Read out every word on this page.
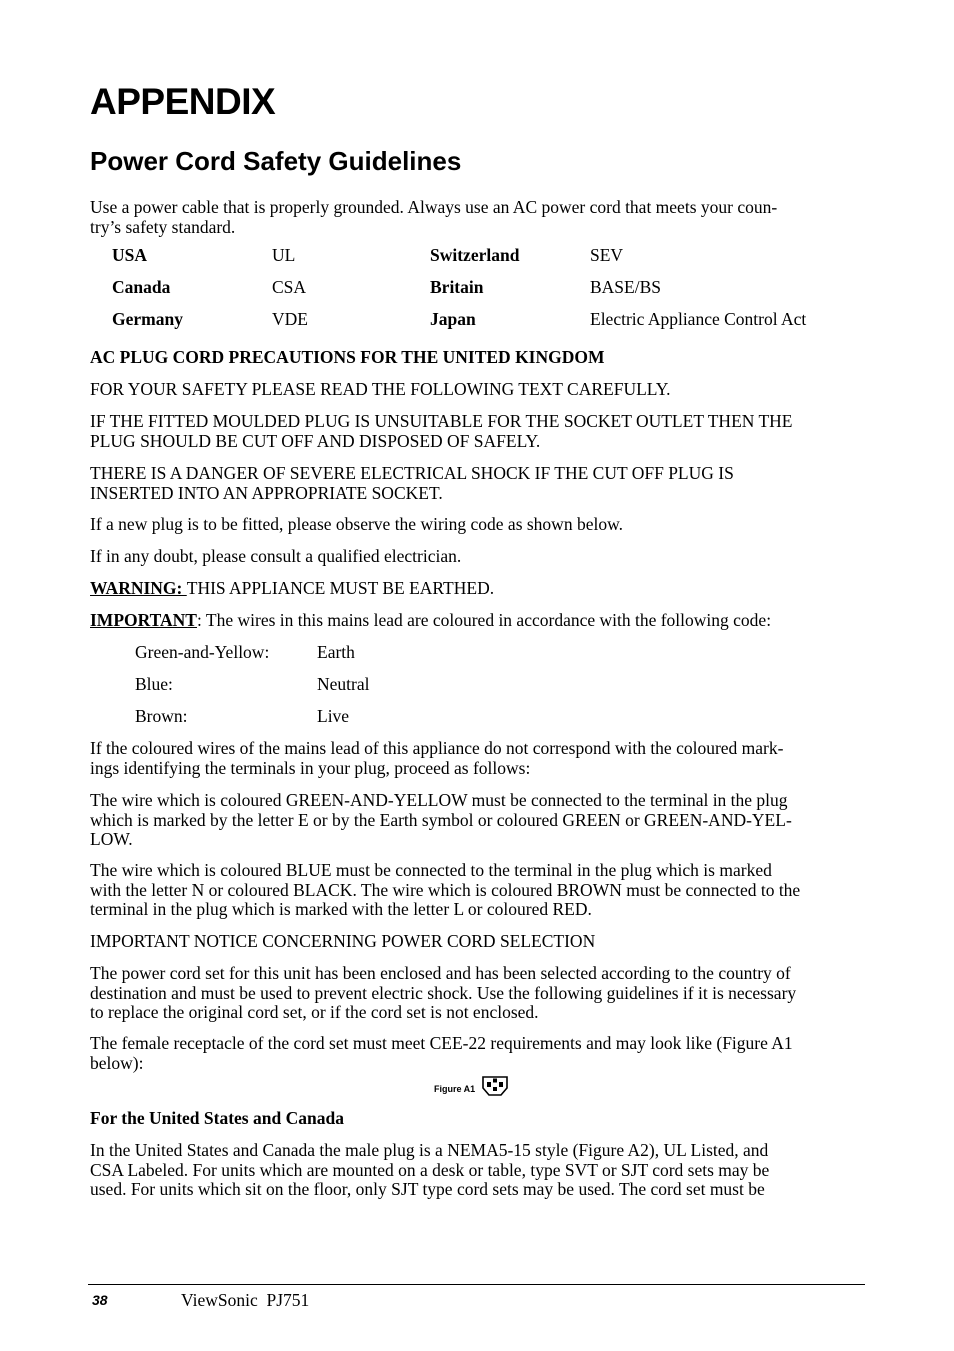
APPENDIX
Power Cord Safety Guidelines

Use a power cable that is properly grounded. Always use an AC power cord that meets your coun-
try’s safety standard.

USA	UL	Switzerland	SEV
Canada	CSA	Britain	BASE/BS
Germany	VDE	Japan	Electric Appliance Control Act

AC PLUG CORD PRECAUTIONS FOR THE UNITED KINGDOM

FOR YOUR SAFETY PLEASE READ THE FOLLOWING TEXT CAREFULLY.

IF THE FITTED MOULDED PLUG IS UNSUITABLE FOR THE SOCKET OUTLET THEN THE
PLUG SHOULD BE CUT OFF AND DISPOSED OF SAFELY.

THERE IS A DANGER OF SEVERE ELECTRICAL SHOCK IF THE CUT OFF PLUG IS
INSERTED INTO AN APPROPRIATE SOCKET.

If a new plug is to be fitted, please observe the wiring code as shown below.

If in any doubt, please consult a qualified electrician.

WARNING: THIS APPLIANCE MUST BE EARTHED.

IMPORTANT: The wires in this mains lead are coloured in accordance with the following code:

Green-and-Yellow:	Earth
Blue:	Neutral
Brown:	Live

If the coloured wires of the mains lead of this appliance do not correspond with the coloured mark-
ings identifying the terminals in your plug, proceed as follows:

The wire which is coloured GREEN-AND-YELLOW must be connected to the terminal in the plug
which is marked by the letter E or by the Earth symbol or coloured GREEN or GREEN-AND-YEL-
LOW.

The wire which is coloured BLUE must be connected to the terminal in the plug which is marked
with the letter N or coloured BLACK. The wire which is coloured BROWN must be connected to the
terminal in the plug which is marked with the letter L or coloured RED.

IMPORTANT NOTICE CONCERNING POWER CORD SELECTION

The power cord set for this unit has been enclosed and has been selected according to the country of
destination and must be used to prevent electric shock. Use the following guidelines if it is necessary
to replace the original cord set, or if the cord set is not enclosed.

The female receptacle of the cord set must meet CEE-22 requirements and may look like (Figure A1
below):

Figure A1

For the United States and Canada

In the United States and Canada the male plug is a NEMA5-15 style (Figure A2), UL Listed, and
CSA Labeled. For units which are mounted on a desk or table, type SVT or SJT cord sets may be
used. For units which sit on the floor, only SJT type cord sets may be used. The cord set must be

38	ViewSonic  PJ751
